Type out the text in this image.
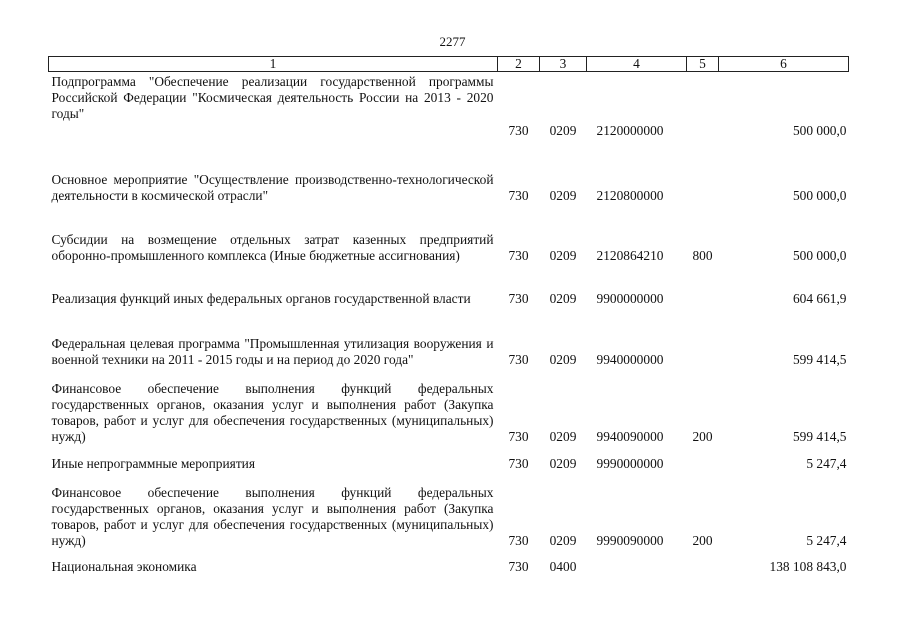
2277
1	2	3	4	5	6
Подпрограмма "Обеспечение реализации государственной программы Российской Федерации "Космическая деятельность России на 2013 - 2020 годы"	730	0209	2120000000		500 000,0
Основное мероприятие "Осуществление производственно-технологической деятельности в космической отрасли"	730	0209	2120800000		500 000,0
Субсидии на возмещение отдельных затрат казенных предприятий оборонно-промышленного комплекса (Иные бюджетные ассигнования)	730	0209	2120864210	800	500 000,0
Реализация функций иных федеральных органов государственной власти	730	0209	9900000000		604 661,9
Федеральная целевая программа "Промышленная утилизация вооружения и военной техники на 2011 - 2015 годы и на период до 2020 года"	730	0209	9940000000		599 414,5
Финансовое обеспечение выполнения функций федеральных государственных органов, оказания услуг и выполнения работ (Закупка товаров, работ и услуг для обеспечения государственных (муниципальных) нужд)	730	0209	9940090000	200	599 414,5
Иные непрограммные мероприятия	730	0209	9990000000		5 247,4
Финансовое обеспечение выполнения функций федеральных государственных органов, оказания услуг и выполнения работ (Закупка товаров, работ и услуг для обеспечения государственных (муниципальных) нужд)	730	0209	9990090000	200	5 247,4
Национальная экономика	730	0400			138 108 843,0
